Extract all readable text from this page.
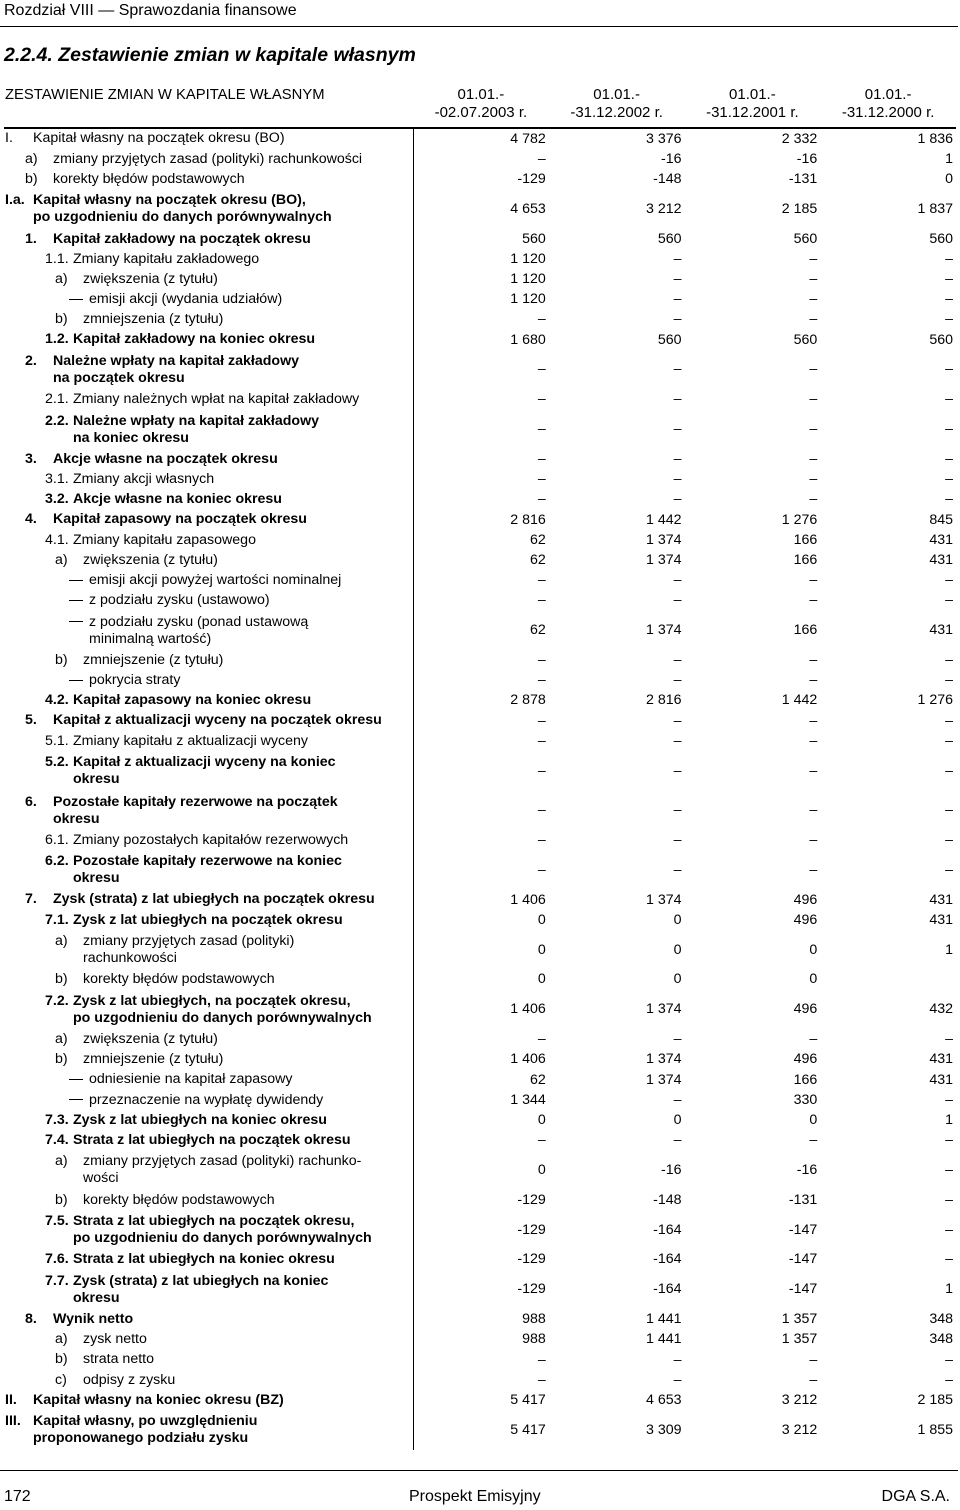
Rozdział VIII — Sprawozdania finansowe
2.2.4. Zestawienie zmian w kapitale własnym
ZESTAWIENIE ZMIAN W KAPITALE WŁASNYM	01.01.-
-02.07.2003 r.	01.01.-
-31.12.2002 r.	01.01.-
-31.12.2001 r.	01.01.-
-31.12.2000 r.
I. Kapitał własny na początek okresu (BO)	4 782	3 376	2 332	1 836
a) zmiany przyjętych zasad (polityki) rachunkowości	–	-16	-16	1
b) korekty błędów podstawowych	-129	-148	-131	0
I.a. Kapitał własny na początek okresu (BO),
po uzgodnieniu do danych porównywalnych	4 653	3 212	2 185	1 837
1. Kapitał zakładowy na początek okresu	560	560	560	560
1.1. Zmiany kapitału zakładowego	1 120	–	–	–
a) zwiększenia (z tytułu)	1 120	–	–	–

emisji akcji (wydania udziałów)	1 120	–	–	–
b) zmniejszenia (z tytułu)	–	–	–	–
1.2. Kapitał zakładowy na koniec okresu	1 680	560	560	560
2. Należne wpłaty na kapitał zakładowy
na początek okresu	–	–	–	–
2.1. Zmiany należnych wpłat na kapitał zakładowy	–	–	–	–
2.2. Należne wpłaty na kapitał zakładowy
na koniec okresu	–	–	–	–
3. Akcje własne na początek okresu	–	–	–	–
3.1. Zmiany akcji własnych	–	–	–	–
3.2. Akcje własne na koniec okresu	–	–	–	–
4. Kapitał zapasowy na początek okresu	2 816	1 442	1 276	845
4.1. Zmiany kapitału zapasowego	62	1 374	166	431
a) zwiększenia (z tytułu)	62	1 374	166	431

emisji akcji powyżej wartości nominalnej	–	–	–	–

z podziału zysku (ustawowo)	–	–	–	–

z podziału zysku (ponad ustawową
minimalną wartość)	62	1 374	166	431
b) zmniejszenie (z tytułu)	–	–	–	–

pokrycia straty	–	–	–	–
4.2. Kapitał zapasowy na koniec okresu	2 878	2 816	1 442	1 276
5. Kapitał z aktualizacji wyceny na początek okresu	–	–	–	–
5.1. Zmiany kapitału z aktualizacji wyceny	–	–	–	–
5.2. Kapitał z aktualizacji wyceny na koniec
okresu	–	–	–	–
6. Pozostałe kapitały rezerwowe na początek
okresu	–	–	–	–
6.1. Zmiany pozostałych kapitałów rezerwowych	–	–	–	–
6.2. Pozostałe kapitały rezerwowe na koniec
okresu	–	–	–	–
7. Zysk (strata) z lat ubiegłych na początek okresu	1 406	1 374	496	431
7.1. Zysk z lat ubiegłych na początek okresu	0	0	496	431
a) zmiany przyjętych zasad (polityki)
rachunkowości	0	0	0	1
b) korekty błędów podstawowych	0	0	0	
7.2. Zysk z lat ubiegłych, na początek okresu,
po uzgodnieniu do danych porównywalnych	1 406	1 374	496	432
a) zwiększenia (z tytułu)	–	–	–	–
b) zmniejszenie (z tytułu)	1 406	1 374	496	431

odniesienie na kapitał zapasowy	62	1 374	166	431

przeznaczenie na wypłatę dywidendy	1 344	–	330	–
7.3. Zysk z lat ubiegłych na koniec okresu	0	0	0	1
7.4. Strata z lat ubiegłych na początek okresu	–	–	–	–
a) zmiany przyjętych zasad (polityki) rachunko-
wości	0	-16	-16	–
b) korekty błędów podstawowych	-129	-148	-131	–
7.5. Strata z lat ubiegłych na początek okresu,
po uzgodnieniu do danych porównywalnych	-129	-164	-147	–
7.6. Strata z lat ubiegłych na koniec okresu	-129	-164	-147	–
7.7. Zysk (strata) z lat ubiegłych na koniec
okresu	-129	-164	-147	1
8. Wynik netto	988	1 441	1 357	348
a) zysk netto	988	1 441	1 357	348
b) strata netto	–	–	–	–
c) odpisy z zysku	–	–	–	–
II. Kapitał własny na koniec okresu (BZ)	5 417	4 653	3 212	2 185
III. Kapitał własny, po uwzględnieniu
proponowanego podziału zysku	5 417	3 309	3 212	1 855
172	Prospekt Emisyjny	DGA S.A.
